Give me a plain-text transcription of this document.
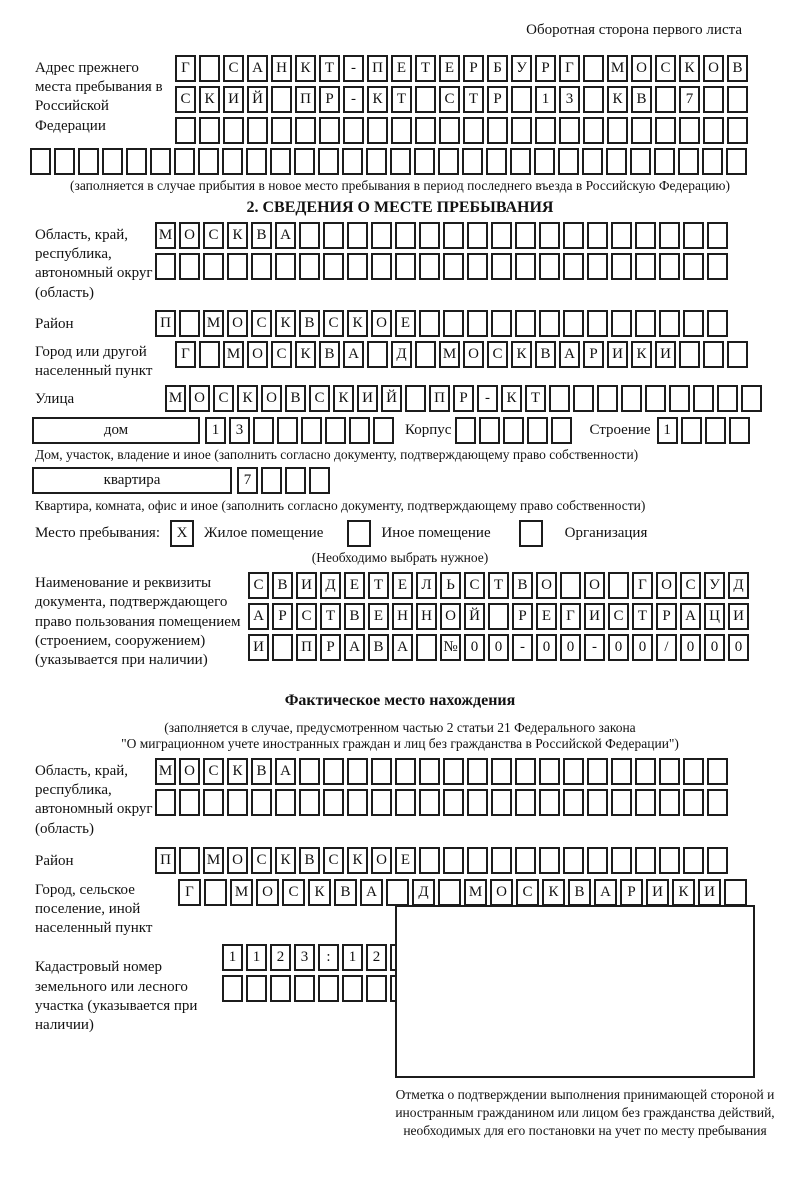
Оборотная сторона первого листа
Адрес прежнего места пребывания в Российской Федерации
Г	С А Н К Т	-	П Е Т Е	Р	Б У Р	Г	М О С К О В
С К И Й	П Р	-	К Т	С Т	Р	1	3	К В	7
(заполняется в случае прибытия в новое место пребывания в период последнего въезда в Российскую Федерацию)
2. СВЕДЕНИЯ О МЕСТЕ ПРЕБЫВАНИЯ
Область, край, республика, автономный округ (область)
М О С К В А
Район	П	М О С К В С К О Е
Город или другой населенный пункт
Г	М О С К В А	Д	М О С К В А Р И К И
Улица	М О С К О В С К И Й	П Р	-	К Т
дом	1	3	Корпус	Строение 1
Дом, участок, владение и иное (заполнить согласно документу, подтверждающему право собственности)
квартира	7
Квартира, комната, офис и иное (заполнить согласно документу, подтверждающему право собственности)
Место пребывания:	X	Жилое помещение	Иное помещение	Организация
(Необходимо выбрать нужное)
Наименование и реквизиты документа, подтверждающего право пользования помещением (строением, сооружением) (указывается при наличии)
С В И Д Е Т Е Л Ь С Т В О	О	Г О С У Д
А Р С Т В Е Н Н О Й	Р	Е	Г И С Т	Р А Ц И
И	П Р А В А	№ 0	0	-	0	0	-	0	0	/	0	0	0
Фактическое место нахождения
(заполняется в случае, предусмотренном частью 2 статьи 21 Федерального закона
"О миграционном учете иностранных граждан и лиц без гражданства в Российской Федерации")
Область, край, республика, автономный округ (область)
М О С К В А
Район	П	М О С К В С К О Е
Город, сельское поселение, иной населенный пункт
Г	М О	С	К	В	А	Д	М О	С	К	В	А	Р	И	К	И
Кадастровый номер земельного или лесного участка (указывается при наличии)
1	1	2	3	:	1	2
Отметка о подтверждении выполнения принимающей стороной и иностранным гражданином или лицом без гражданства действий, необходимых для его постановки на учет по месту пребывания
